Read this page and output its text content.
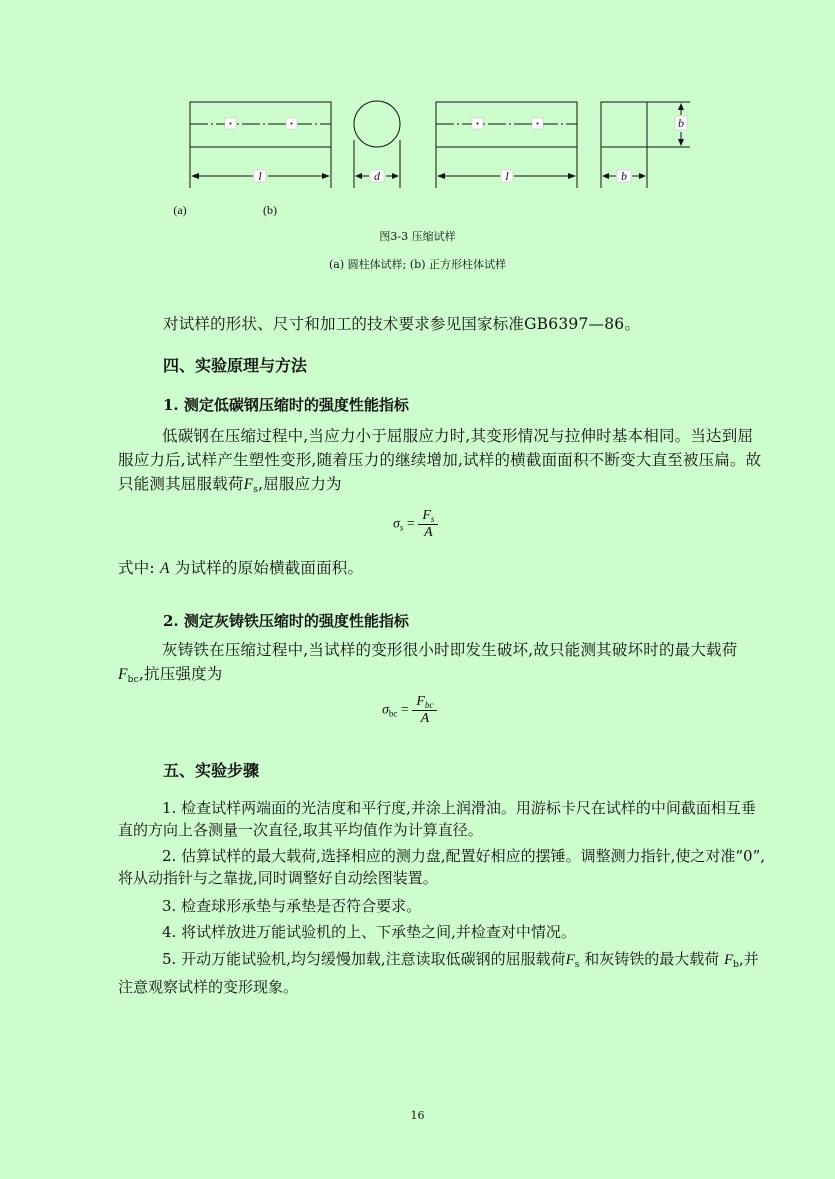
l	d	l	b
b
(a)	(b)
图3-3 压缩试样
(a) 圆柱体试样; (b) 正方形柱体试样
对试样的形状、尺寸和加工的技术要求参见国家标准GB6397—86。
四、实验原理与方法
1. 测定低碳钢压缩时的强度性能指标
低碳钢在压缩过程中,当应力小于屈服应力时,其变形情况与拉伸时基本相同。当达到屈服应力后,试样产生塑性变形,随着压力的继续增加,试样的横截面面积不断变大直至被压扁。故只能测其屈服载荷$F_s$,屈服应力为
$\sigma_s = \frac{F_s}{A}$
式中: A 为试样的原始横截面面积。
2. 测定灰铸铁压缩时的强度性能指标
灰铸铁在压缩过程中,当试样的变形很小时即发生破坏,故只能测其破坏时的最大载荷 $F_{bc}$,抗压强度为
$\sigma_{bc} = \frac{F_{bc}}{A}$
五、实验步骤
1. 检查试样两端面的光洁度和平行度,并涂上润滑油。用游标卡尺在试样的中间截面相互垂直的方向上各测量一次直径,取其平均值作为计算直径。
2. 估算试样的最大载荷,选择相应的测力盘,配置好相应的摆锤。调整测力指针,使之对准“0”,将从动指针与之靠拢,同时调整好自动绘图装置。
3. 检查球形承垫与承垫是否符合要求。
4. 将试样放进万能试验机的上、下承垫之间,并检查对中情况。
5. 开动万能试验机,均匀缓慢加载,注意读取低碳钢的屈服载荷$F_s$ 和灰铸铁的最大载荷 $F_b$,并注意观察试样的变形现象。
16
